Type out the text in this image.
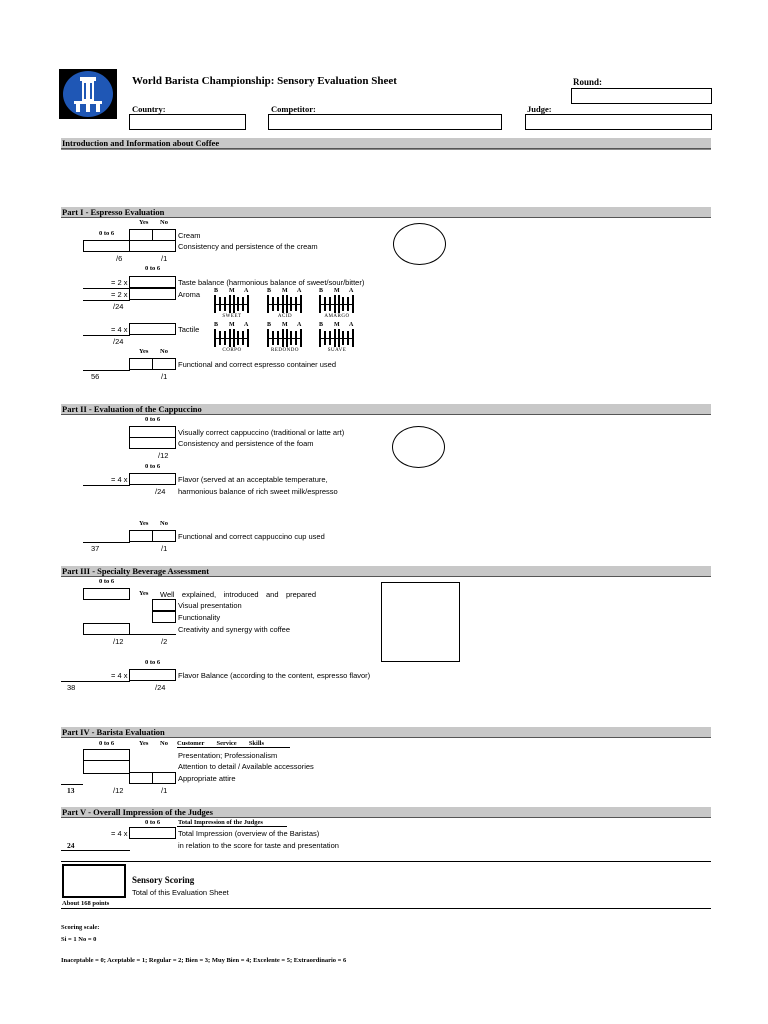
World Barista Championship: Sensory Evaluation Sheet	Round:
Country:	Competitor:	Judge:
Introduction and Information about Coffee
Part I - Espresso Evaluation
Yes No
0 to 6	Cream
Consistency and persistence of the cream
/6	/1
0 to 6
= 2 x	Taste balance (harmonious balance of sweet/sour/bitter)
= 2 x	Aroma
/24
B M A
SWEET
B M A
ACID
B M A
AMARGO
= 4 x	Tactile
/24
B M A
CORPO
B M A
REDONDO
B M A
SUAVE
Yes No
Functional and correct espresso container used
56	/1
Part II - Evaluation of the Cappuccino
0 to 6
Visually correct cappuccino (traditional or latte art)
Consistency and persistence of the foam
/12
0 to 6
= 4 x	Flavor (served at an acceptable temperature,
/24 harmonious balance of rich sweet milk/espresso
Yes No
Functional and correct cappuccino cup used
37	/1
Part III - Specialty Beverage Assessment
0 to 6
Yes Well explained, introduced and prepared
Visual presentation
Functionality
Creativity and synergy with coffee
/12	/2
0 to 6
= 4 x	Flavor Balance (according to the content, espresso flavor)
38	/24
Part IV - Barista Evaluation
0 to 6	Yes No Customer Service Skills
Presentation; Professionalism
Attention to detail / Available accessories
Appropriate attire
13	/12	/1
Part V - Overall Impression of the Judges
0 to 6	Total Impression of the Judges
= 4 x	Total Impression (overview of the Baristas)
24	in relation to the score for taste and presentation
Sensory Scoring
Total of this Evaluation Sheet
About 168 points
Scoring scale:
Si = 1 No = 0
Inaceptable = 0; Aceptable = 1; Regular = 2; Bien = 3; Muy Bien = 4; Excelente = 5; Extraordinario = 6
